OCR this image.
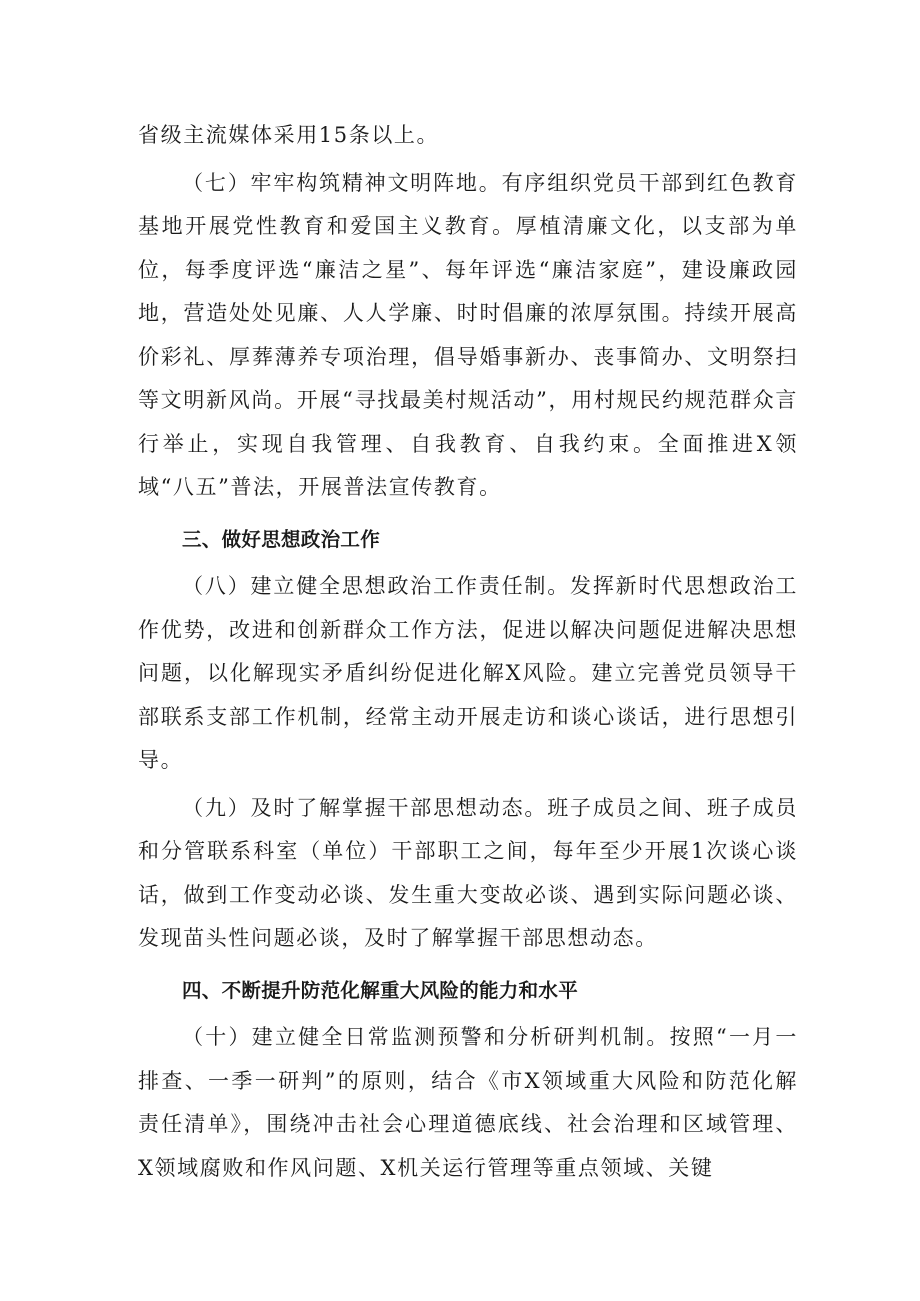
省级主流媒体采用15条以上。

（七）牢牢构筑精神文明阵地。有序组织党员干部到红色教育基地开展党性教育和爱国主义教育。厚植清廉文化，以支部为单位，每季度评选“廉洁之星”、每年评选“廉洁家庭”，建设廉政园地，营造处处见廉、人人学廉、时时倡廉的浓厚氛围。持续开展高价彩礼、厚葬薄养专项治理，倡导婚事新办、丧事简办、文明祭扫等文明新风尚。开展“寻找最美村规活动”，用村规民约规范群众言行举止，实现自我管理、自我教育、自我约束。全面推进X领域“八五”普法，开展普法宣传教育。

三、做好思想政治工作

（八）建立健全思想政治工作责任制。发挥新时代思想政治工作优势，改进和创新群众工作方法，促进以解决问题促进解决思想问题，以化解现实矛盾纠纷促进化解X风险。建立完善党员领导干部联系支部工作机制，经常主动开展走访和谈心谈话，进行思想引导。

（九）及时了解掌握干部思想动态。班子成员之间、班子成员和分管联系科室（单位）干部职工之间，每年至少开展1次谈心谈话，做到工作变动必谈、发生重大变故必谈、遇到实际问题必谈、发现苗头性问题必谈，及时了解掌握干部思想动态。

四、不断提升防范化解重大风险的能力和水平

（十）建立健全日常监测预警和分析研判机制。按照“一月一排查、一季一研判”的原则，结合《市X领域重大风险和防范化解责任清单》，围绕冲击社会心理道德底线、社会治理和区域管理、X领域腐败和作风问题、X机关运行管理等重点领域、关键
